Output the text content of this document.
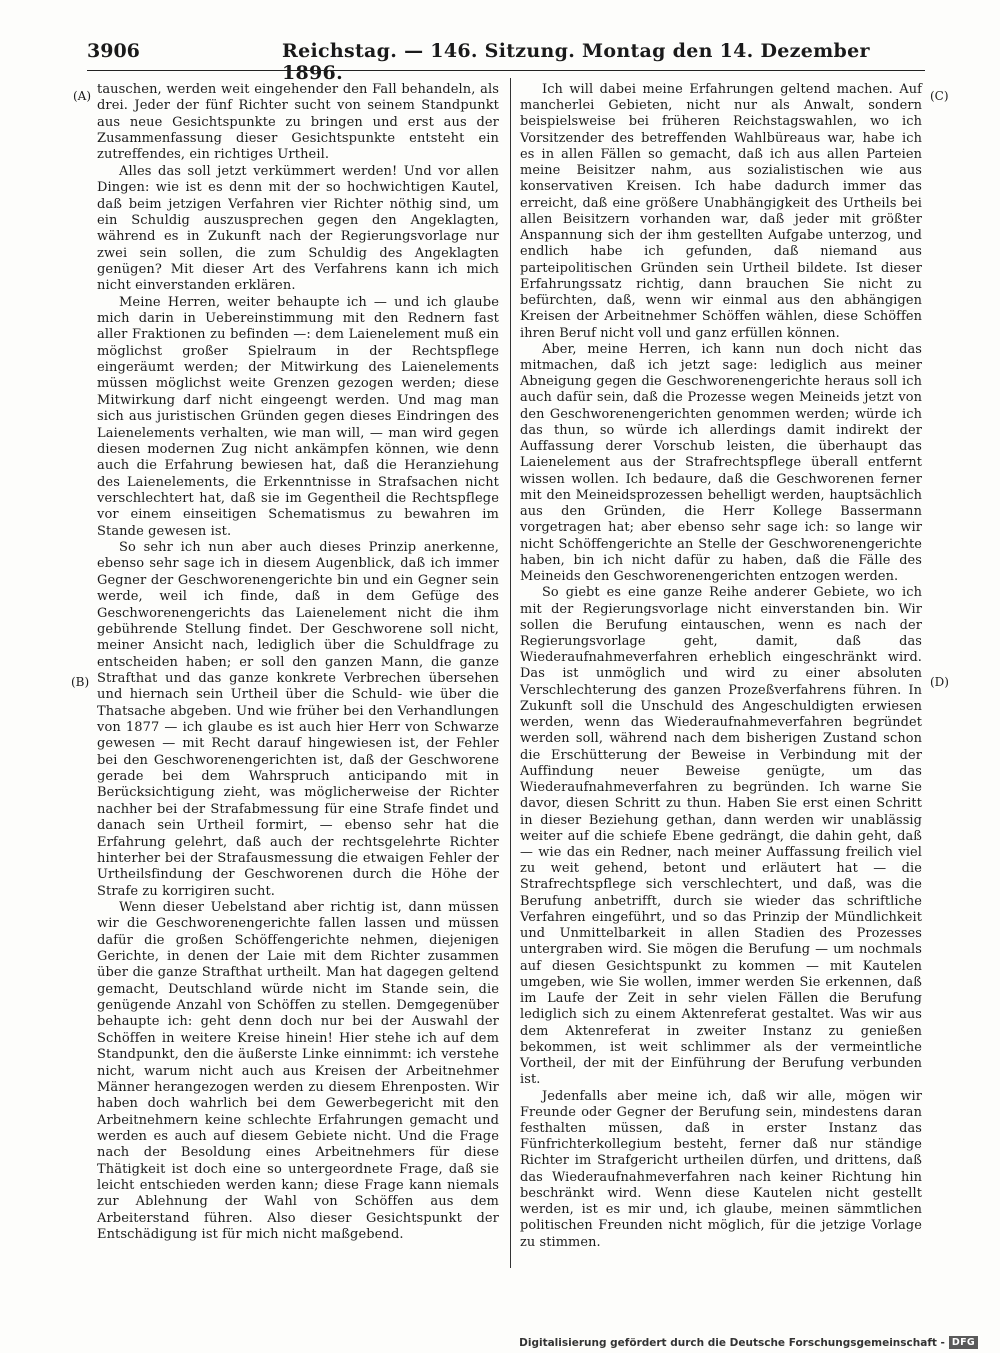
3906	Reichstag. — 146. Sitzung. Montag den 14. Dezember 1896.
(A)
(B)
(C)
(D)

tauschen, werden weit eingehender den Fall behandeln, als drei. Jeder der fünf Richter sucht von seinem Standpunkt aus neue Gesichtspunkte zu bringen und erst aus der Zusammenfassung dieser Gesichtspunkte entsteht ein zutreffendes, ein richtiges Urtheil.

Alles das soll jetzt verkümmert werden! Und vor allen Dingen: wie ist es denn mit der so hochwichtigen Kautel, daß beim jetzigen Verfahren vier Richter nöthig sind, um ein Schuldig auszusprechen gegen den Angeklagten, während es in Zukunft nach der Regierungsvorlage nur zwei sein sollen, die zum Schuldig des Angeklagten genügen? Mit dieser Art des Verfahrens kann ich mich nicht einverstanden erklären.

Meine Herren, weiter behaupte ich — und ich glaube mich darin in Uebereinstimmung mit den Rednern fast aller Fraktionen zu befinden —: dem Laienelement muß ein möglichst großer Spielraum in der Rechtspflege eingeräumt werden; der Mitwirkung des Laienelements müssen möglichst weite Grenzen gezogen werden; diese Mitwirkung darf nicht eingeengt werden. Und mag man sich aus juristischen Gründen gegen dieses Eindringen des Laienelements verhalten, wie man will, — man wird gegen diesen modernen Zug nicht ankämpfen können, wie denn auch die Erfahrung bewiesen hat, daß die Heranziehung des Laienelements, die Erkenntnisse in Strafsachen nicht verschlechtert hat, daß sie im Gegentheil die Rechtspflege vor einem einseitigen Schematismus zu bewahren im Stande gewesen ist.

So sehr ich nun aber auch dieses Prinzip anerkenne, ebenso sehr sage ich in diesem Augenblick, daß ich immer Gegner der Geschworenengerichte bin und ein Gegner sein werde, weil ich finde, daß in dem Gefüge des Geschworenengerichts das Laienelement nicht die ihm gebührende Stellung findet. Der Geschworene soll nicht, meiner Ansicht nach, lediglich über die Schuldfrage zu entscheiden haben; er soll den ganzen Mann, die ganze Strafthat und das ganze konkrete Verbrechen übersehen und hiernach sein Urtheil über die Schuld- wie über die Thatsache abgeben. Und wie früher bei den Verhandlungen von 1877 — ich glaube es ist auch hier Herr von Schwarze gewesen — mit Recht darauf hingewiesen ist, der Fehler bei den Geschworenengerichten ist, daß der Geschworene gerade bei dem Wahrspruch anticipando mit in Berücksichtigung zieht, was möglicherweise der Richter nachher bei der Strafabmessung für eine Strafe findet und danach sein Urtheil formirt, — ebenso sehr hat die Erfahrung gelehrt, daß auch der rechtsgelehrte Richter hinterher bei der Strafausmessung die etwaigen Fehler der Urtheilsfindung der Geschworenen durch die Höhe der Strafe zu korrigiren sucht.

Wenn dieser Uebelstand aber richtig ist, dann müssen wir die Geschworenengerichte fallen lassen und müssen dafür die großen Schöffengerichte nehmen, diejenigen Gerichte, in denen der Laie mit dem Richter zusammen über die ganze Strafthat urtheilt. Man hat dagegen geltend gemacht, Deutschland würde nicht im Stande sein, die genügende Anzahl von Schöffen zu stellen. Demgegenüber behaupte ich: geht denn doch nur bei der Auswahl der Schöffen in weitere Kreise hinein! Hier stehe ich auf dem Standpunkt, den die äußerste Linke einnimmt: ich verstehe nicht, warum nicht auch aus Kreisen der Arbeitnehmer Männer herangezogen werden zu diesem Ehrenposten. Wir haben doch wahrlich bei dem Gewerbegericht mit den Arbeitnehmern keine schlechte Erfahrungen gemacht und werden es auch auf diesem Gebiete nicht. Und die Frage nach der Besoldung eines Arbeitnehmers für diese Thätigkeit ist doch eine so untergeordnete Frage, daß sie leicht entschieden werden kann; diese Frage kann niemals zur Ablehnung der Wahl von Schöffen aus dem Arbeiterstand führen. Also dieser Gesichtspunkt der Entschädigung ist für mich nicht maßgebend.

Ich will dabei meine Erfahrungen geltend machen. Auf mancherlei Gebieten, nicht nur als Anwalt, sondern beispielsweise bei früheren Reichstagswahlen, wo ich Vorsitzender des betreffenden Wahlbüreaus war, habe ich es in allen Fällen so gemacht, daß ich aus allen Parteien meine Beisitzer nahm, aus sozialistischen wie aus konservativen Kreisen. Ich habe dadurch immer das erreicht, daß eine größere Unabhängigkeit des Urtheils bei allen Beisitzern vorhanden war, daß jeder mit größter Anspannung sich der ihm gestellten Aufgabe unterzog, und endlich habe ich gefunden, daß niemand aus parteipolitischen Gründen sein Urtheil bildete. Ist dieser Erfahrungssatz richtig, dann brauchen Sie nicht zu befürchten, daß, wenn wir einmal aus den abhängigen Kreisen der Arbeitnehmer Schöffen wählen, diese Schöffen ihren Beruf nicht voll und ganz erfüllen können.

Aber, meine Herren, ich kann nun doch nicht das mitmachen, daß ich jetzt sage: lediglich aus meiner Abneigung gegen die Geschworenengerichte heraus soll ich auch dafür sein, daß die Prozesse wegen Meineids jetzt von den Geschworenengerichten genommen werden; würde ich das thun, so würde ich allerdings damit indirekt der Auffassung derer Vorschub leisten, die überhaupt das Laienelement aus der Strafrechtspflege überall entfernt wissen wollen. Ich bedaure, daß die Geschworenen ferner mit den Meineidsprozessen behelligt werden, hauptsächlich aus den Gründen, die Herr Kollege Bassermann vorgetragen hat; aber ebenso sehr sage ich: so lange wir nicht Schöffengerichte an Stelle der Geschworenengerichte haben, bin ich nicht dafür zu haben, daß die Fälle des Meineids den Geschworenengerichten entzogen werden.

So giebt es eine ganze Reihe anderer Gebiete, wo ich mit der Regierungsvorlage nicht einverstanden bin. Wir sollen die Berufung eintauschen, wenn es nach der Regierungsvorlage geht, damit, daß das Wiederaufnahmeverfahren erheblich eingeschränkt wird. Das ist unmöglich und wird zu einer absoluten Verschlechterung des ganzen Prozeßverfahrens führen. In Zukunft soll die Unschuld des Angeschuldigten erwiesen werden, wenn das Wiederaufnahmeverfahren begründet werden soll, während nach dem bisherigen Zustand schon die Erschütterung der Beweise in Verbindung mit der Auffindung neuer Beweise genügte, um das Wiederaufnahmeverfahren zu begründen. Ich warne Sie davor, diesen Schritt zu thun. Haben Sie erst einen Schritt in dieser Beziehung gethan, dann werden wir unablässig weiter auf die schiefe Ebene gedrängt, die dahin geht, daß — wie das ein Redner, nach meiner Auffassung freilich viel zu weit gehend, betont und erläutert hat — die Strafrechtspflege sich verschlechtert, und daß, was die Berufung anbetrifft, durch sie wieder das schriftliche Verfahren eingeführt, und so das Prinzip der Mündlichkeit und Unmittelbarkeit in allen Stadien des Prozesses untergraben wird. Sie mögen die Berufung — um nochmals auf diesen Gesichtspunkt zu kommen — mit Kautelen umgeben, wie Sie wollen, immer werden Sie erkennen, daß im Laufe der Zeit in sehr vielen Fällen die Berufung lediglich sich zu einem Aktenreferat gestaltet. Was wir aus dem Aktenreferat in zweiter Instanz zu genießen bekommen, ist weit schlimmer als der vermeintliche Vortheil, der mit der Einführung der Berufung verbunden ist.

Jedenfalls aber meine ich, daß wir alle, mögen wir Freunde oder Gegner der Berufung sein, mindestens daran festhalten müssen, daß in erster Instanz das Fünfrichterkollegium besteht, ferner daß nur ständige Richter im Strafgericht urtheilen dürfen, und drittens, daß das Wiederaufnahmeverfahren nach keiner Richtung hin beschränkt wird. Wenn diese Kautelen nicht gestellt werden, ist es mir und, ich glaube, meinen sämmtlichen politischen Freunden nicht möglich, für die jetzige Vorlage zu stimmen.

Digitalisierung gefördert durch die Deutsche Forschungsgemeinschaft - DFG
